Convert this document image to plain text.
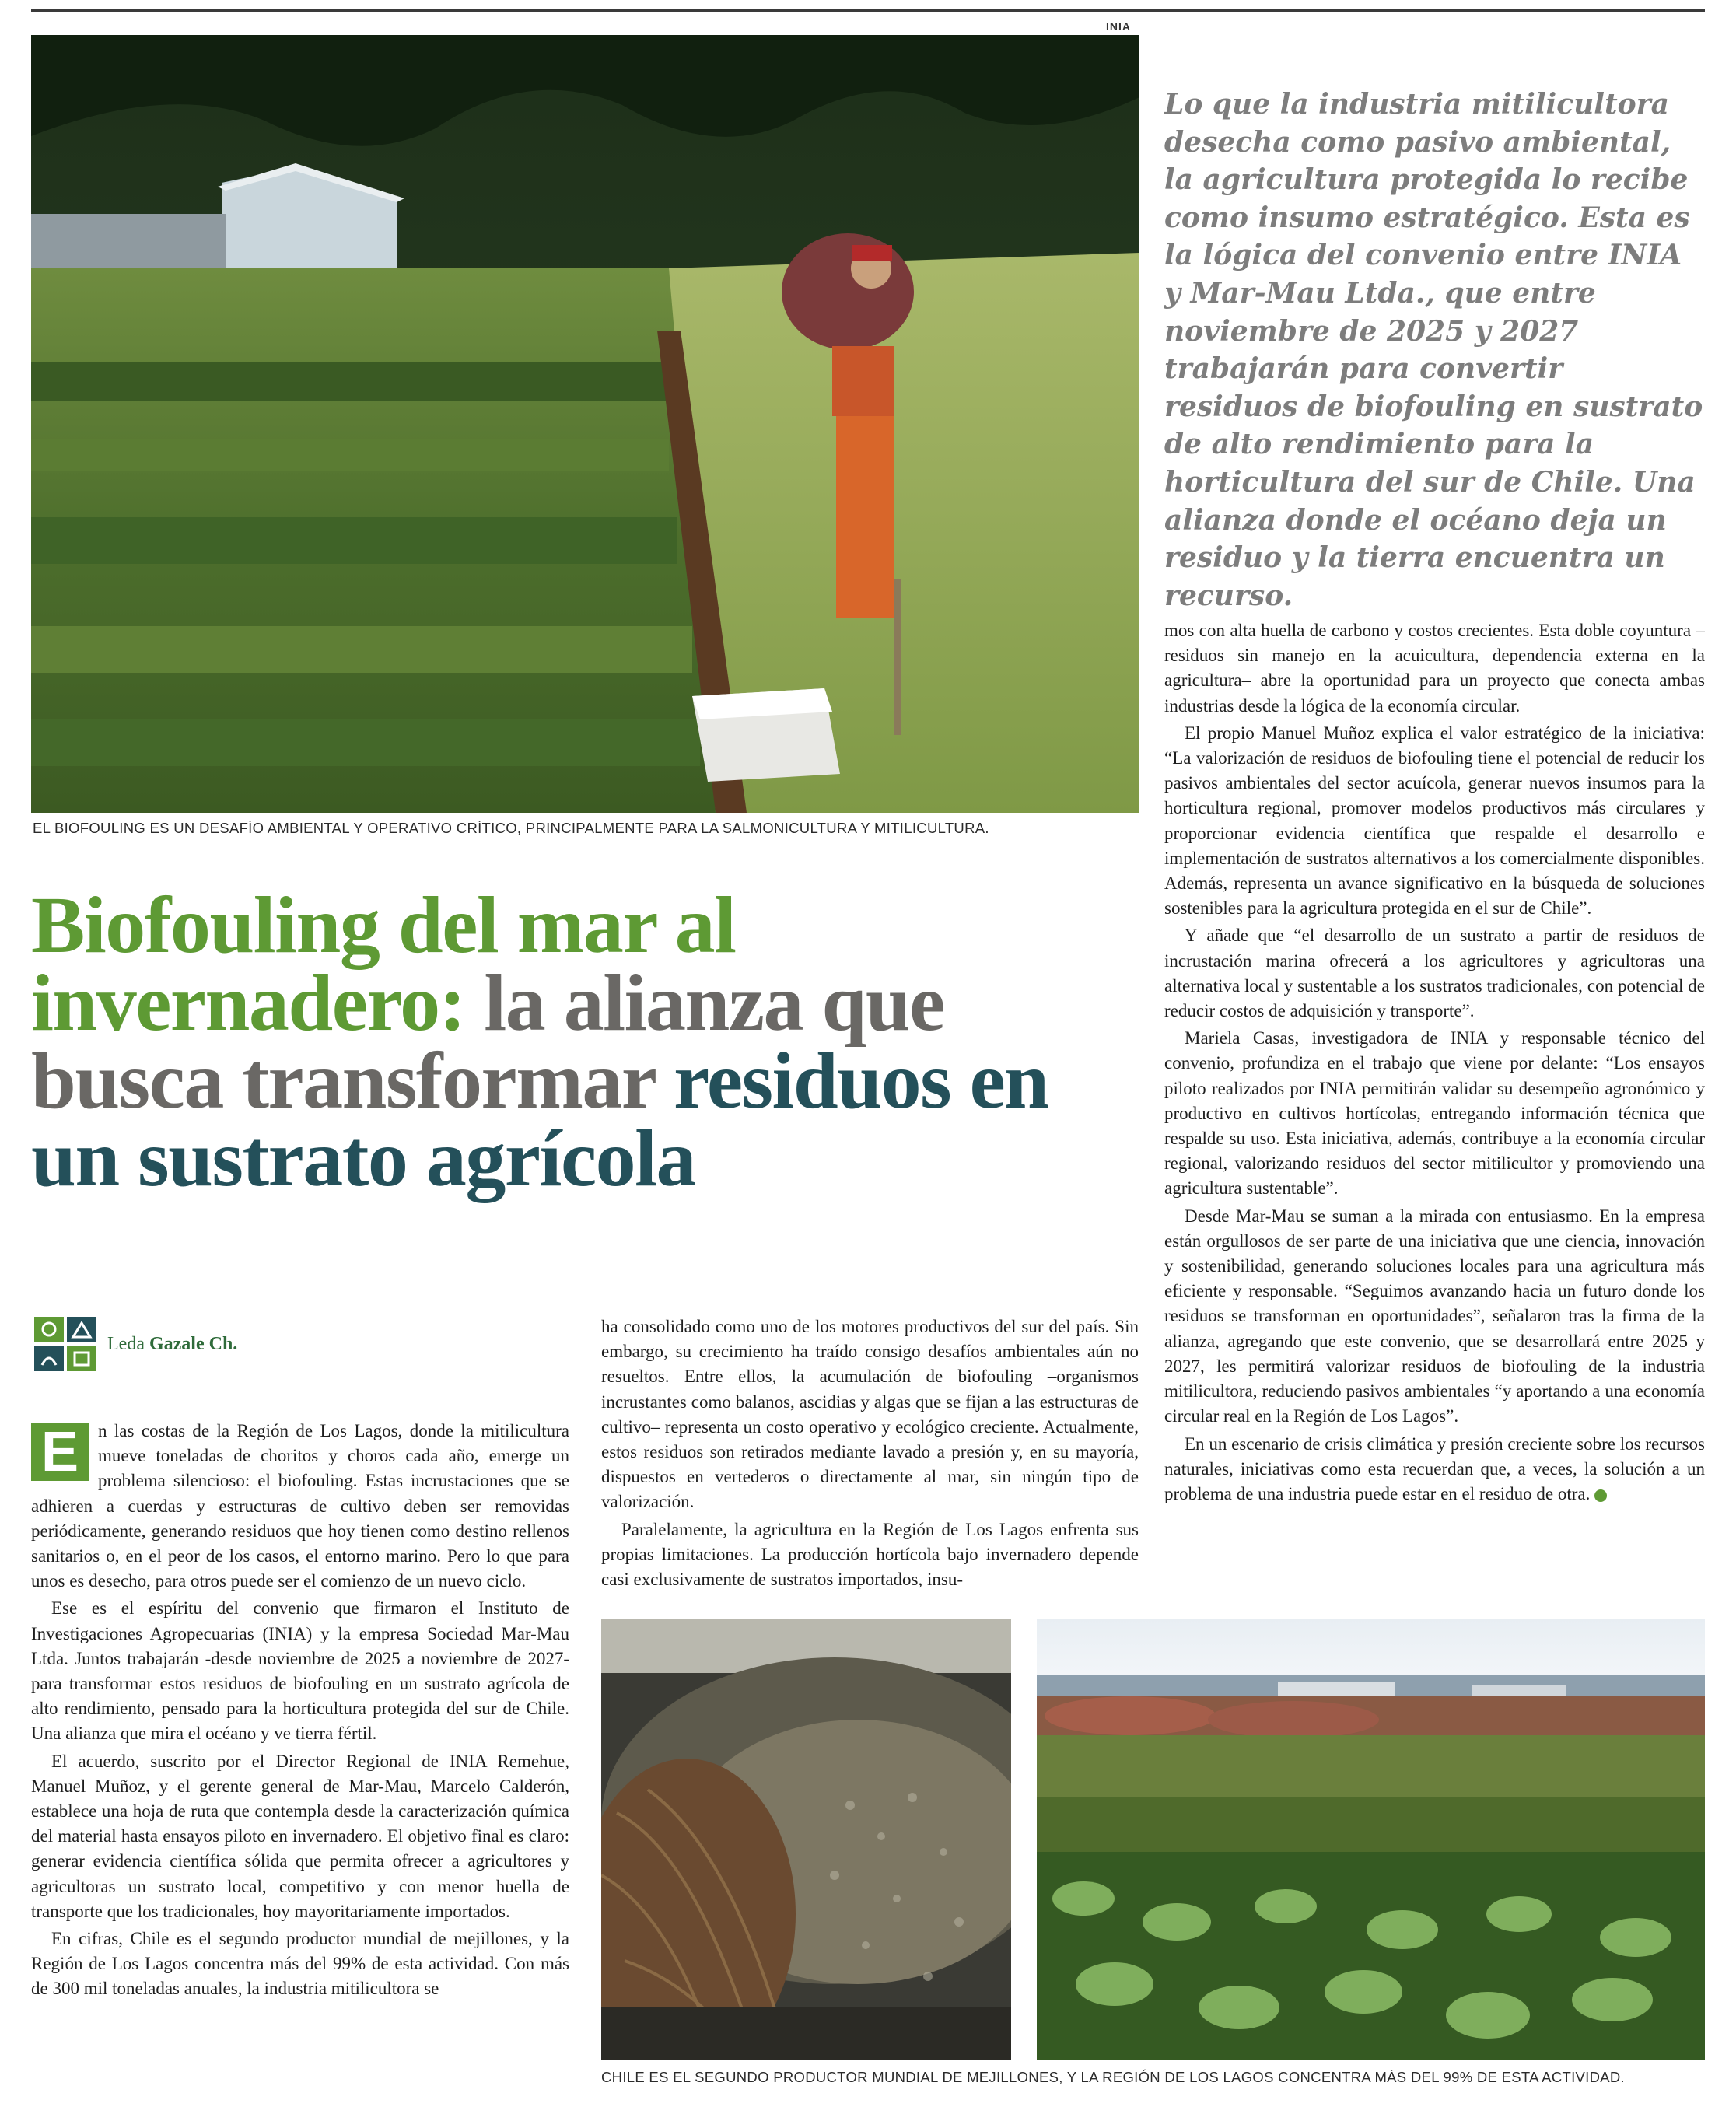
INIA
EL BIOFOULING ES UN DESAFÍO AMBIENTAL Y OPERATIVO CRÍTICO, PRINCIPALMENTE PARA LA SALMONICULTURA Y MITILICULTURA.
Lo que la industria mitilicultora desecha como pasivo ambiental, la agricultura protegida lo recibe como insumo estratégico. Esta es la lógica del convenio entre INIA y Mar-Mau Ltda., que entre noviembre de 2025 y 2027 trabajarán para convertir residuos de biofouling en sustrato de alto rendimiento para la horticultura del sur de Chile. Una alianza donde el océano deja un residuo y la tierra encuentra un recurso.
Biofouling del mar al invernadero: la alianza que busca transformar residuos en un sustrato agrícola
Leda Gazale Ch.

E	n las costas de la Región de Los Lagos, donde la mitilicultura mueve toneladas de choritos y choros cada año, emerge un problema silencioso: el biofouling. Estas incrustaciones que se adhieren a cuerdas y estructuras de cultivo deben ser removidas periódicamente, generando residuos que hoy tienen como destino rellenos sanitarios o, en el peor de los casos, el entorno marino. Pero lo que para unos es desecho, para otros puede ser el comienzo de un nuevo ciclo.

Ese es el espíritu del convenio que firmaron el Instituto de Investigaciones Agropecuarias (INIA) y la empresa Sociedad Mar-Mau Ltda. Juntos trabajarán -desde noviembre de 2025 a noviembre de 2027- para transformar estos residuos de biofouling en un sustrato agrícola de alto rendimiento, pensado para la horticultura protegida del sur de Chile. Una alianza que mira el océano y ve tierra fértil.

El acuerdo, suscrito por el Director Regional de INIA Remehue, Manuel Muñoz, y el gerente general de Mar-Mau, Marcelo Calderón, establece una hoja de ruta que contempla desde la caracterización química del material hasta ensayos piloto en invernadero. El objetivo final es claro: generar evidencia científica sólida que permita ofrecer a agricultores y agricultoras un sustrato local, competitivo y con menor huella de transporte que los tradicionales, hoy mayoritariamente importados.

En cifras, Chile es el segundo productor mundial de mejillones, y la Región de Los Lagos concentra más del 99% de esta actividad. Con más de 300 mil toneladas anuales, la industria mitilicultora se

ha consolidado como uno de los motores productivos del sur del país. Sin embargo, su crecimiento ha traído consigo desafíos ambientales aún no resueltos. Entre ellos, la acumulación de biofouling –organismos incrustantes como balanos, ascidias y algas que se fijan a las estructuras de cultivo– representa un costo operativo y ecológico creciente. Actualmente, estos residuos son retirados mediante lavado a presión y, en su mayoría, dispuestos en vertederos o directamente al mar, sin ningún tipo de valorización.

Paralelamente, la agricultura en la Región de Los Lagos enfrenta sus propias limitaciones. La producción hortícola bajo invernadero depende casi exclusivamente de sustratos importados, insu-

mos con alta huella de carbono y costos crecientes. Esta doble coyuntura –residuos sin manejo en la acuicultura, dependencia externa en la agricultura– abre la oportunidad para un proyecto que conecta ambas industrias desde la lógica de la economía circular.

El propio Manuel Muñoz explica el valor estratégico de la iniciativa: “La valorización de residuos de biofouling tiene el potencial de reducir los pasivos ambientales del sector acuícola, generar nuevos insumos para la horticultura regional, promover modelos productivos más circulares y proporcionar evidencia científica que respalde el desarrollo e implementación de sustratos alternativos a los comercialmente disponibles. Además, representa un avance significativo en la búsqueda de soluciones sostenibles para la agricultura protegida en el sur de Chile”.

Y añade que “el desarrollo de un sustrato a partir de residuos de incrustación marina ofrecerá a los agricultores y agricultoras una alternativa local y sustentable a los sustratos tradicionales, con potencial de reducir costos de adquisición y transporte”.

Mariela Casas, investigadora de INIA y responsable técnico del convenio, profundiza en el trabajo que viene por delante: “Los ensayos piloto realizados por INIA permitirán validar su desempeño agronómico y productivo en cultivos hortícolas, entregando información técnica que respalde su uso. Esta iniciativa, además, contribuye a la economía circular regional, valorizando residuos del sector mitilicultor y promoviendo una agricultura sustentable”.

Desde Mar-Mau se suman a la mirada con entusiasmo. En la empresa están orgullosos de ser parte de una iniciativa que une ciencia, innovación y sostenibilidad, generando soluciones locales para una agricultura más eficiente y responsable. “Seguimos avanzando hacia un futuro donde los residuos se transforman en oportunidades”, señalaron tras la firma de la alianza, agregando que este convenio, que se desarrollará entre 2025 y 2027, les permitirá valorizar residuos de biofouling de la industria mitilicultora, reduciendo pasivos ambientales “y aportando a una economía circular real en la Región de Los Lagos”.

En un escenario de crisis climática y presión creciente sobre los recursos naturales, iniciativas como esta recuerdan que, a veces, la solución a un problema de una industria puede estar en el residuo de otra.

CHILE ES EL SEGUNDO PRODUCTOR MUNDIAL DE MEJILLONES, Y LA REGIÓN DE LOS LAGOS CONCENTRA MÁS DEL 99% DE ESTA ACTIVIDAD.
